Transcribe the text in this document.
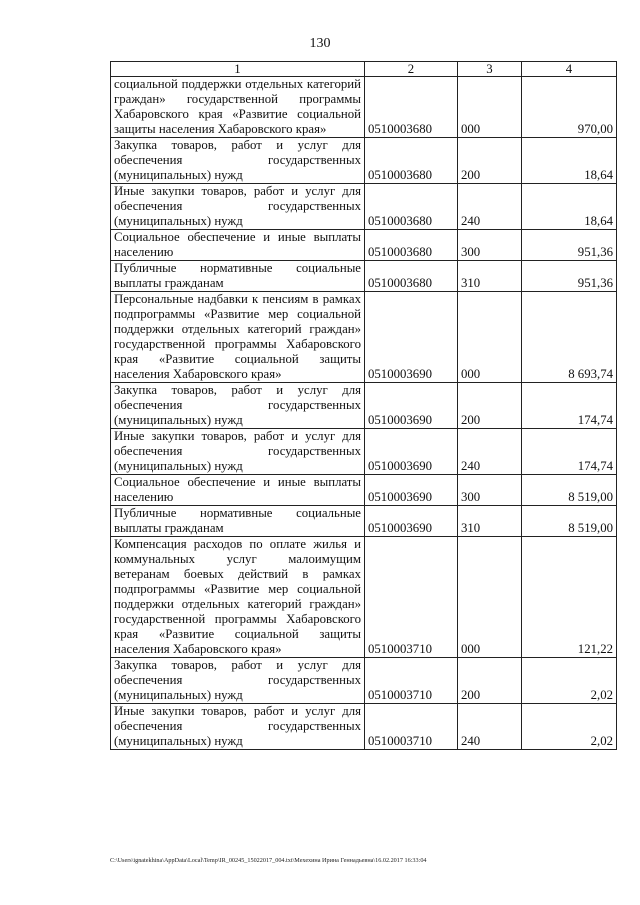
130
1	2	3	4
социальной поддержки отдельных категорий граждан» государственной программы Хабаровского края «Развитие социальной защиты населения Хабаровского края»	0510003680	000	970,00
Закупка товаров, работ и услуг для обеспечения государственных (муниципальных) нужд	0510003680	200	18,64
Иные закупки товаров, работ и услуг для обеспечения государственных (муниципальных) нужд	0510003680	240	18,64
Социальное обеспечение и иные выплаты населению	0510003680	300	951,36
Публичные нормативные социальные выплаты гражданам	0510003680	310	951,36
Персональные надбавки к пенсиям в рамках подпрограммы «Развитие мер социальной поддержки отдельных категорий граждан» государственной программы Хабаровского края «Развитие социальной защиты населения Хабаровского края»	0510003690	000	8 693,74
Закупка товаров, работ и услуг для обеспечения государственных (муниципальных) нужд	0510003690	200	174,74
Иные закупки товаров, работ и услуг для обеспечения государственных (муниципальных) нужд	0510003690	240	174,74
Социальное обеспечение и иные выплаты населению	0510003690	300	8 519,00
Публичные нормативные социальные выплаты гражданам	0510003690	310	8 519,00
Компенсация расходов по оплате жилья и коммунальных услуг малоимущим ветеранам боевых действий в рамках подпрограммы «Развитие мер социальной поддержки отдельных категорий граждан» государственной программы Хабаровского края «Развитие социальной защиты населения Хабаровского края»	0510003710	000	121,22
Закупка товаров, работ и услуг для обеспечения государственных (муниципальных) нужд	0510003710	200	2,02
Иные закупки товаров, работ и услуг для обеспечения государственных (муниципальных) нужд	0510003710	240	2,02
C:\Users\ignatekhina\AppData\Local\Temp\IR_00245_15022017_004.txt\Мехехина Ирина Геннадьевна\16.02.2017 16:33:04
